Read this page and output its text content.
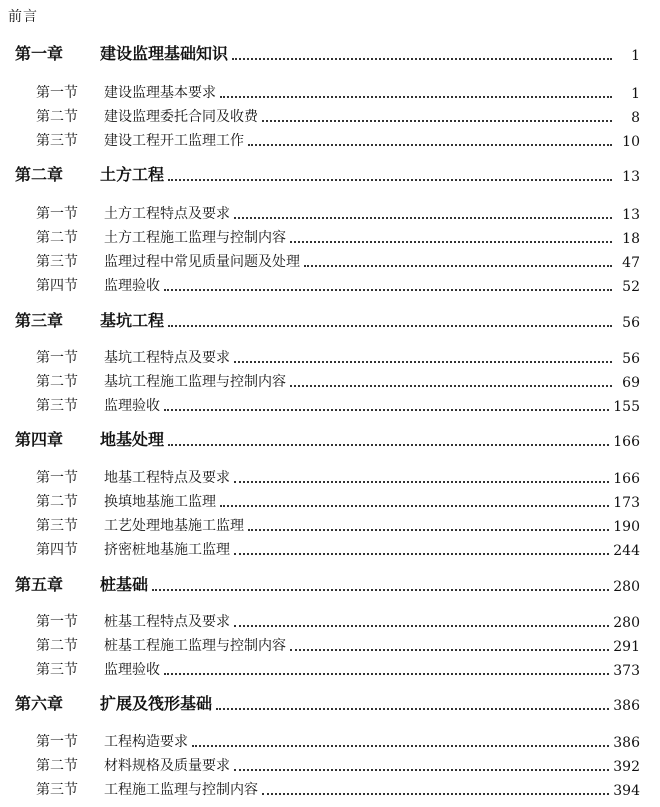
前言
第一章 建设监理基础知识	1
第一节 建设监理基本要求	1
第二节 建设监理委托合同及收费	8
第三节 建设工程开工监理工作	10
第二章 土方工程	13
第一节 土方工程特点及要求	13
第二节 土方工程施工监理与控制内容	18
第三节 监理过程中常见质量问题及处理	47
第四节 监理验收	52
第三章 基坑工程	56
第一节 基坑工程特点及要求	56
第二节 基坑工程施工监理与控制内容	69
第三节 监理验收	155
第四章 地基处理	166
第一节 地基工程特点及要求	166
第二节 换填地基施工监理	173
第三节 工艺处理地基施工监理	190
第四节 挤密桩地基施工监理	244
第五章 桩基础	280
第一节 桩基工程特点及要求	280
第二节 桩基工程施工监理与控制内容	291
第三节 监理验收	373
第六章 扩展及筏形基础	386
第一节 工程构造要求	386
第二节 材料规格及质量要求	392
第三节 工程施工监理与控制内容	394
